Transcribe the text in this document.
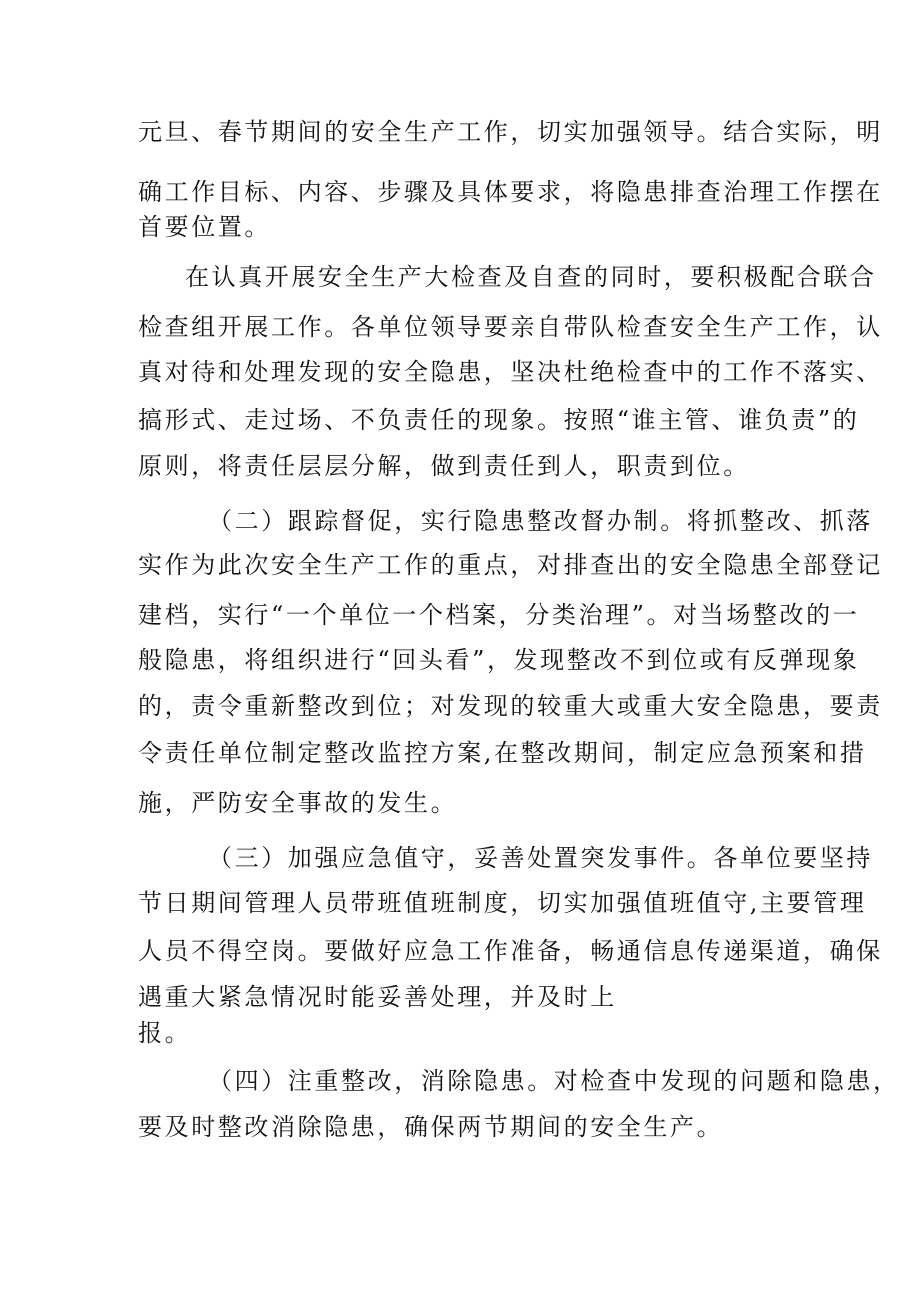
元旦、春节期间的安全生产工作，切实加强领导。结合实际，明
确工作目标、内容、步骤及具体要求，将隐患排查治理工作摆在
首要位置。
在认真开展安全生产大检查及自查的同时，要积极配合联合
检查组开展工作。各单位领导要亲自带队检查安全生产工作，认
真对待和处理发现的安全隐患，坚决杜绝检查中的工作不落实、
搞形式、走过场、不负责任的现象。按照“谁主管、谁负责”的
原则，将责任层层分解，做到责任到人，职责到位。
（二）跟踪督促，实行隐患整改督办制。将抓整改、抓落
实作为此次安全生产工作的重点，对排查出的安全隐患全部登记
建档，实行“一个单位一个档案，分类治理”。对当场整改的一
般隐患，将组织进行“回头看”，发现整改不到位或有反弹现象
的，责令重新整改到位；对发现的较重大或重大安全隐患，要责
令责任单位制定整改监控方案,在整改期间，制定应急预案和措
施，严防安全事故的发生。
（三）加强应急值守，妥善处置突发事件。各单位要坚持
节日期间管理人员带班值班制度，切实加强值班值守,主要管理
人员不得空岗。要做好应急工作准备，畅通信息传递渠道，确保
遇重大紧急情况时能妥善处理，并及时上
报。
（四）注重整改，消除隐患。对检查中发现的问题和隐患，
要及时整改消除隐患，确保两节期间的安全生产。
